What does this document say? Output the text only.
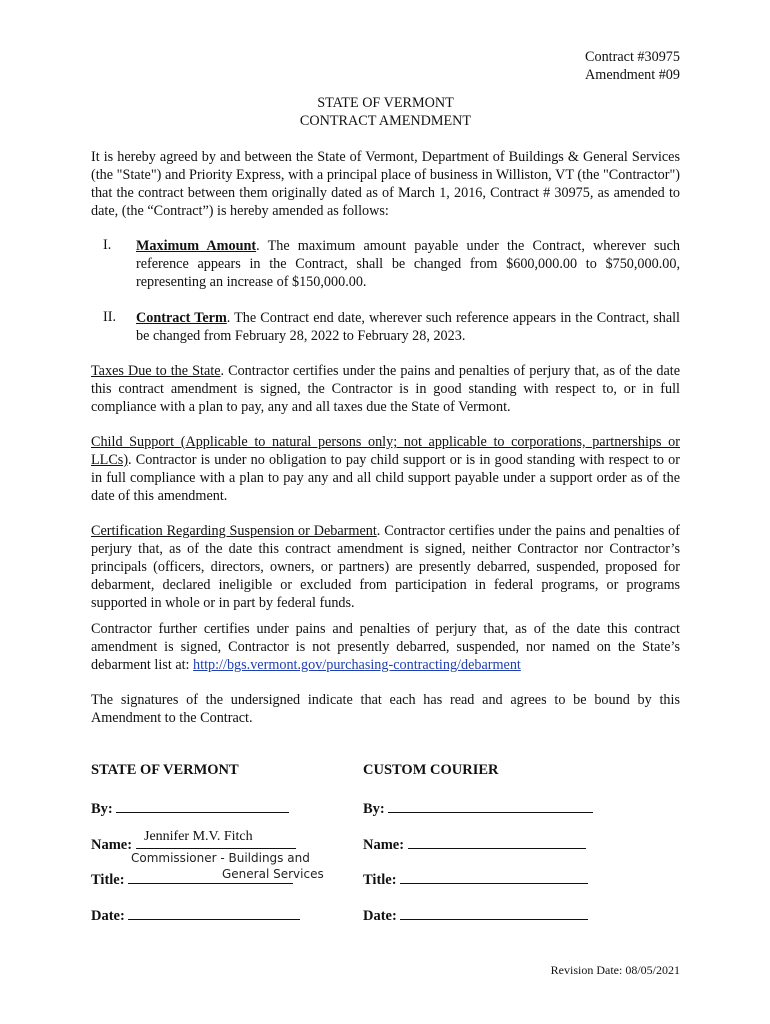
Contract #30975
Amendment #09
STATE OF VERMONT
CONTRACT AMENDMENT

It is hereby agreed by and between the State of Vermont, Department of Buildings & General Services (the "State") and Priority Express, with a principal place of business in Williston, VT (the "Contractor") that the contract between them originally dated as of March 1, 2016, Contract # 30975, as amended to date, (the “Contract”) is hereby amended as follows:

I. Maximum Amount. The maximum amount payable under the Contract, wherever such reference appears in the Contract, shall be changed from $600,000.00 to $750,000.00, representing an increase of $150,000.00.

II. Contract Term. The Contract end date, wherever such reference appears in the Contract, shall be changed from February 28, 2022 to February 28, 2023.

Taxes Due to the State. Contractor certifies under the pains and penalties of perjury that, as of the date this contract amendment is signed, the Contractor is in good standing with respect to, or in full compliance with a plan to pay, any and all taxes due the State of Vermont.

Child Support (Applicable to natural persons only; not applicable to corporations, partnerships or LLCs). Contractor is under no obligation to pay child support or is in good standing with respect to or in full compliance with a plan to pay any and all child support payable under a support order as of the date of this amendment.

Certification Regarding Suspension or Debarment. Contractor certifies under the pains and penalties of perjury that, as of the date this contract amendment is signed, neither Contractor nor Contractor’s principals (officers, directors, owners, or partners) are presently debarred, suspended, proposed for debarment, declared ineligible or excluded from participation in federal programs, or programs supported in whole or in part by federal funds.

Contractor further certifies under pains and penalties of perjury that, as of the date this contract amendment is signed, Contractor is not presently debarred, suspended, nor named on the State’s debarment list at: http://bgs.vermont.gov/purchasing-contracting/debarment

The signatures of the undersigned indicate that each has read and agrees to be bound by this Amendment to the Contract.

STATE OF VERMONT
By:
Name:
Jennifer M.V. Fitch
Title:
Commissioner - Buildings and
General Services
Date:
CUSTOM COURIER
By:
Name:
Title:
Date:
Revision Date: 08/05/2021
